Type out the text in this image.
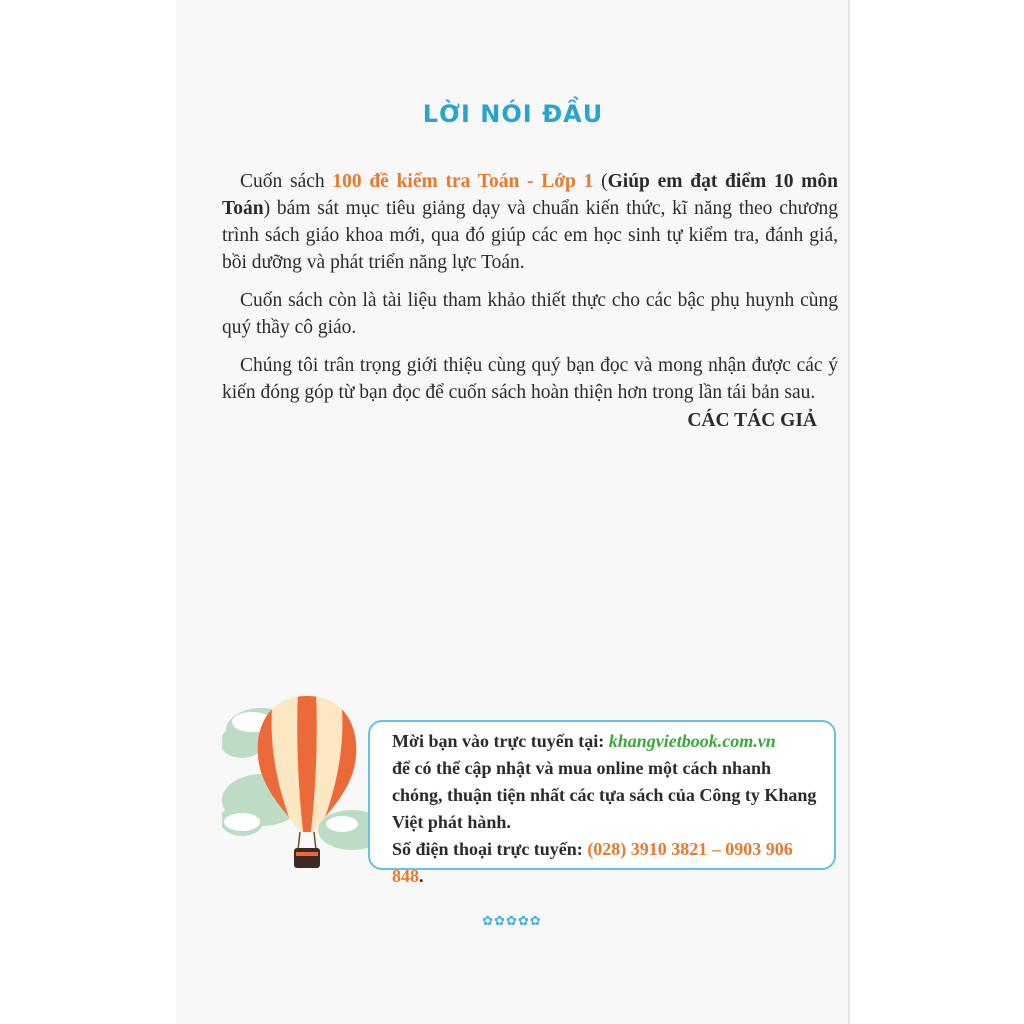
LỜI NÓI ĐẦU

Cuốn sách 100 đề kiểm tra Toán - Lớp 1 (Giúp em đạt điểm 10 môn Toán) bám sát mục tiêu giảng dạy và chuẩn kiến thức, kĩ năng theo chương trình sách giáo khoa mới, qua đó giúp các em học sinh tự kiểm tra, đánh giá, bồi dưỡng và phát triển năng lực Toán.

Cuốn sách còn là tài liệu tham khảo thiết thực cho các bậc phụ huynh cùng quý thầy cô giáo.

Chúng tôi trân trọng giới thiệu cùng quý bạn đọc và mong nhận được các ý kiến đóng góp từ bạn đọc để cuốn sách hoàn thiện hơn trong lần tái bản sau.

CÁC TÁC GIẢ
Mời bạn vào trực tuyến tại: khangvietbook.com.vn
để có thể cập nhật và mua online một cách nhanh chóng, thuận tiện nhất các tựa sách của Công ty Khang Việt phát hành.
Số điện thoại trực tuyến: (028) 3910 3821 – 0903 906 848.
✿✿✿✿✿
